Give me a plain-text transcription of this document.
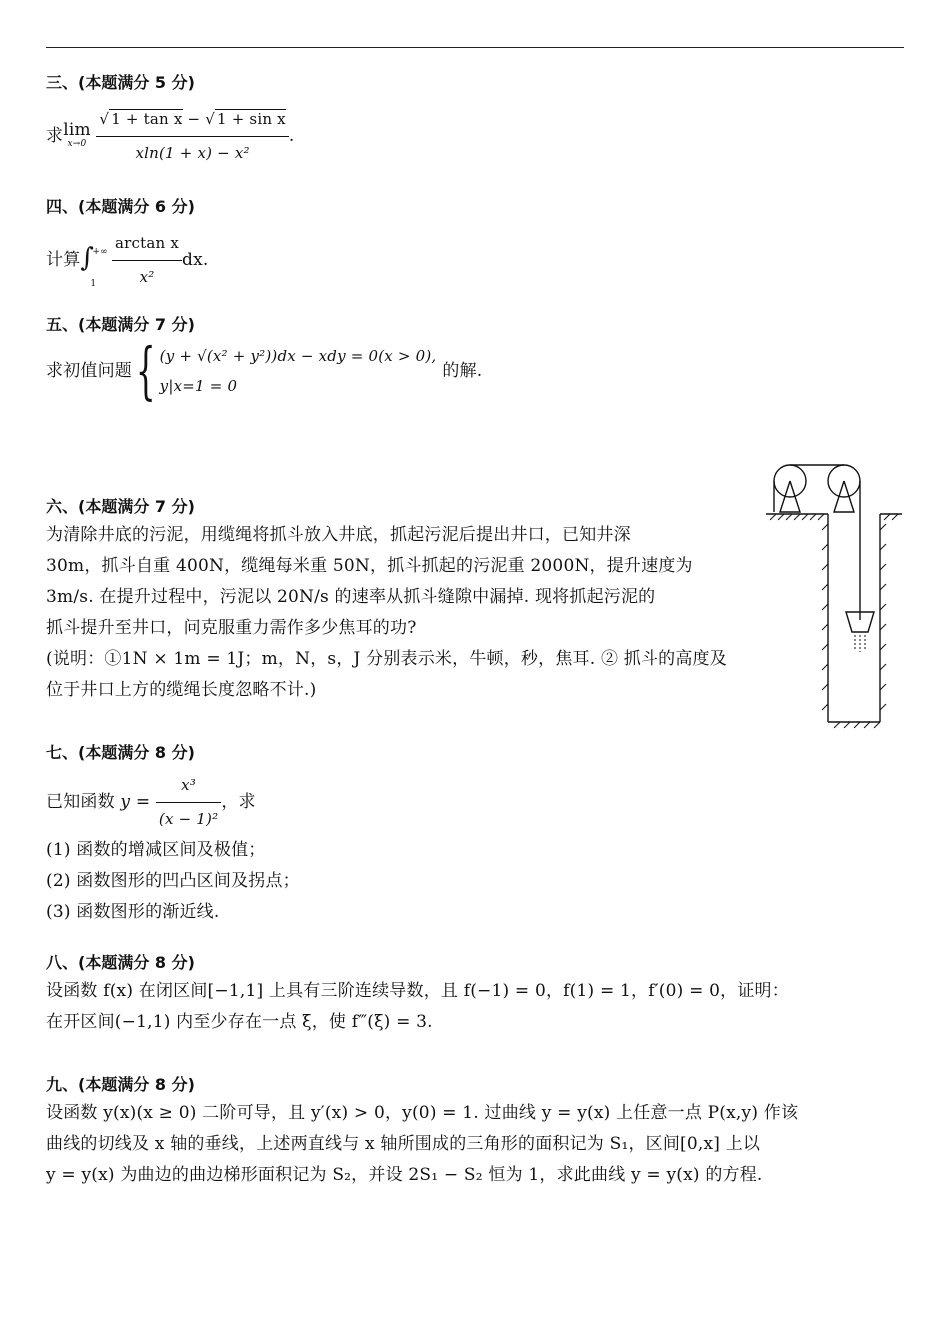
三、(本题满分 5 分)
求lim
x→0
$\frac{\text{√ 1 + tan x − √ 1 + sin x}}{\text{xln(1 + x) − x²}}$ .
四、(本题满分 6 分)
计算 ∫
+∞
1
$\frac{\text{arctan x}}{\text{x²}}$ dx.
五、(本题满分 7 分)
求初值问题 { (y + √(x² + y²))dx − xdy = 0(x > 0),
y|x=1 = 0
的解.
六、(本题满分 7 分)
为清除井底的污泥，用缆绳将抓斗放入井底，抓起污泥后提出井口，已知井深
30m，抓斗自重 400N，缆绳每米重 50N，抓斗抓起的污泥重 2000N，提升速度为
3m/s. 在提升过程中，污泥以 20N/s 的速率从抓斗缝隙中漏掉. 现将抓起污泥的
抓斗提升至井口，问克服重力需作多少焦耳的功?
(说明：①1N × 1m = 1J；m，N，s，J 分别表示米，牛顿，秒，焦耳. ② 抓斗的高度及
位于井口上方的缆绳长度忽略不计.)
七、(本题满分 8 分)
已知函数 $y = \frac{\text{x³}}{\text{(x − 1)²}}$ ，求
(1) 函数的增减区间及极值；
(2) 函数图形的凹凸区间及拐点；
(3) 函数图形的渐近线.
八、(本题满分 8 分)
设函数 f(x) 在闭区间[−1,1] 上具有三阶连续导数，且 f(−1) = 0，f(1) = 1，f′(0) = 0，证明：
在开区间(−1,1) 内至少存在一点 ξ，使 f‴(ξ) = 3.
九、(本题满分 8 分)
设函数 y(x)(x ≥ 0) 二阶可导，且 y′(x) > 0，y(0) = 1. 过曲线 y = y(x) 上任意一点 P(x,y) 作该
曲线的切线及 x 轴的垂线，上述两直线与 x 轴所围成的三角形的面积记为 S₁，区间[0,x] 上以
y = y(x) 为曲边的曲边梯形面积记为 S₂，并设 2S₁ − S₂ 恒为 1，求此曲线 y = y(x) 的方程.
